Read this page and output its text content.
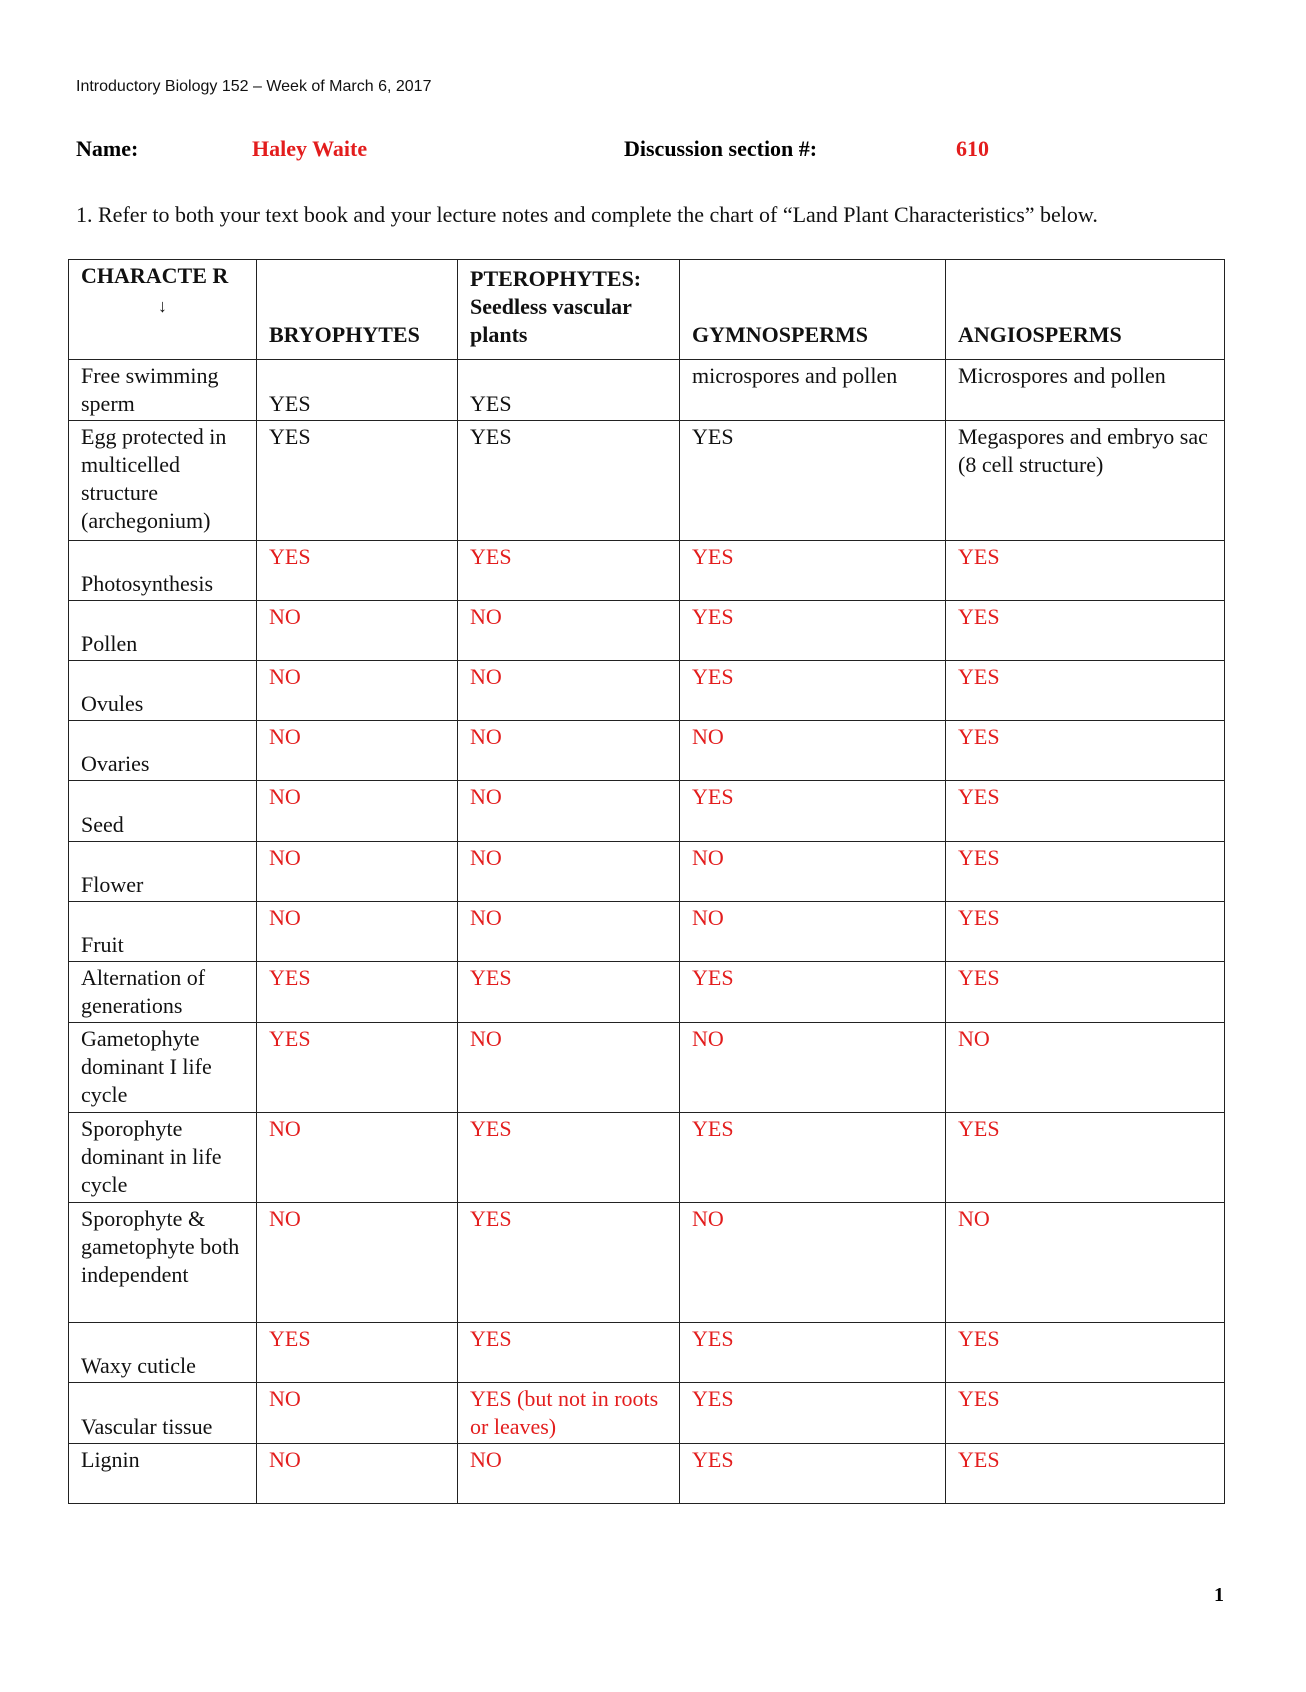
Introductory Biology 152 – Week of March 6, 2017
Name:	Haley Waite	Discussion section #:	610
1. Refer to both your text book and your lecture notes and complete the chart of “Land Plant Characteristics” below.
CHARACTE R
↓	BRYOPHYTES	PTEROPHYTES: Seedless vascular plants	GYMNOSPERMS	ANGIOSPERMS
Free swimming sperm	YES	YES	microspores and pollen	Microspores and pollen
Egg protected in multicelled structure (archegonium)	YES	YES	YES	Megaspores and embryo sac (8 cell structure)
Photosynthesis	YES	YES	YES	YES
Pollen	NO	NO	YES	YES
Ovules	NO	NO	YES	YES
Ovaries	NO	NO	NO	YES
Seed	NO	NO	YES	YES
Flower	NO	NO	NO	YES
Fruit	NO	NO	NO	YES
Alternation of generations	YES	YES	YES	YES
Gametophyte dominant I life cycle	YES	NO	NO	NO
Sporophyte dominant in life cycle	NO	YES	YES	YES
Sporophyte & gametophyte both independent	NO	YES	NO	NO
Waxy cuticle	YES	YES	YES	YES
Vascular tissue	NO	YES (but not in roots or leaves)	YES	YES
Lignin	NO	NO	YES	YES
1
